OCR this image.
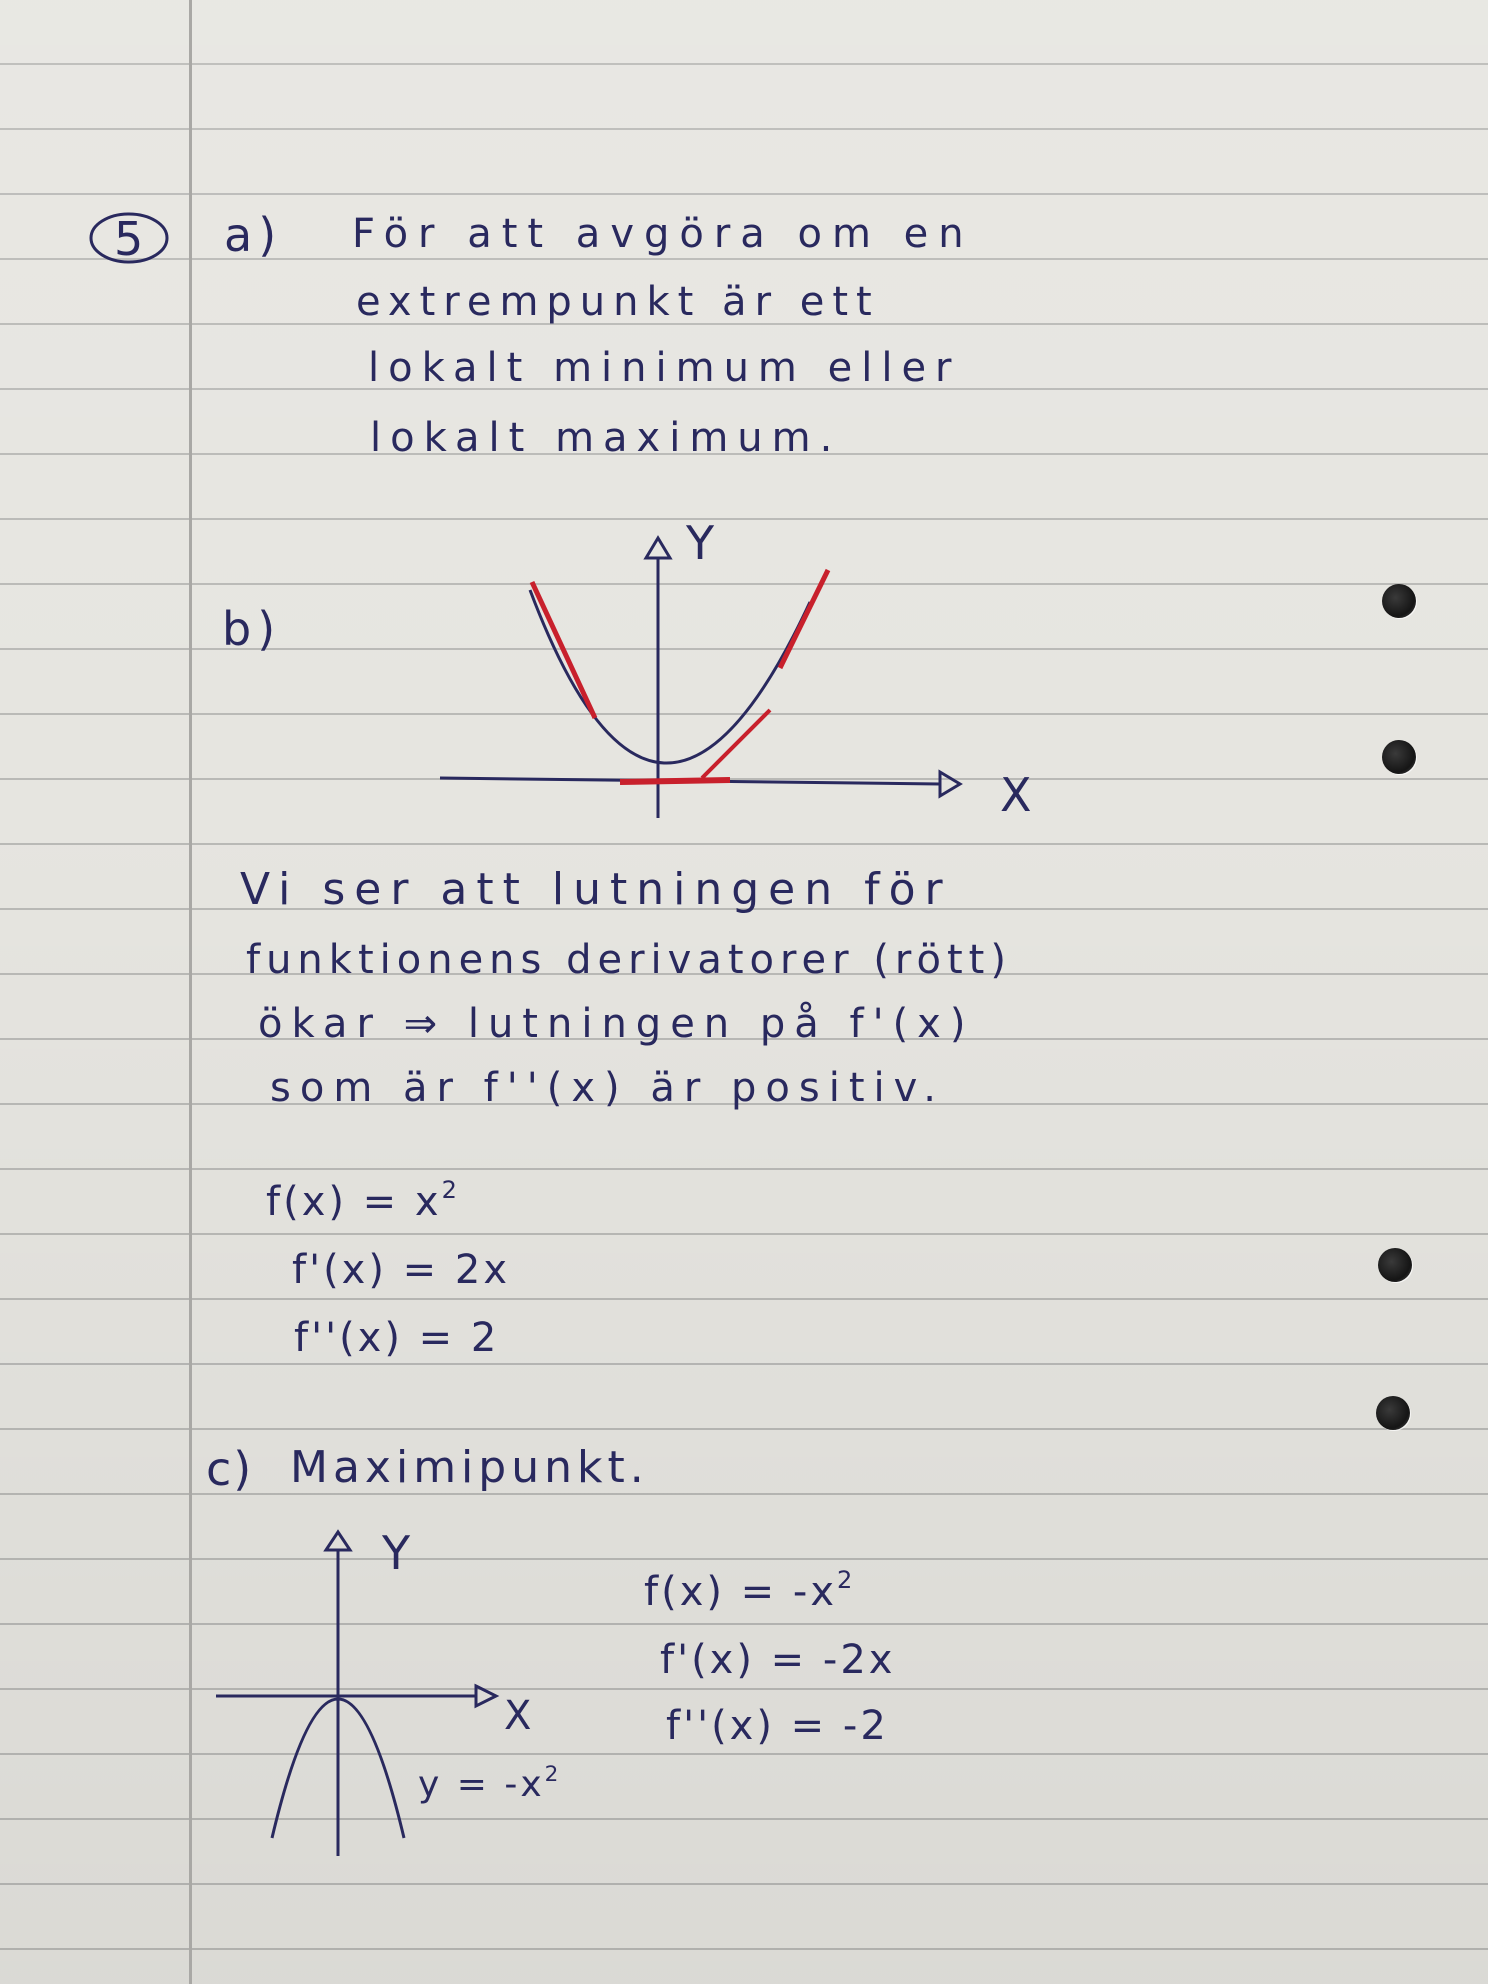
5 a) För att avgöra om en
extrempunkt är ett
lokalt minimum eller
lokalt maximum.
b)
Y
X
Vi ser att lutningen för
funktionens derivatorer (rött)
ökar ⇒ lutningen på f'(x)
som är f''(x) är positiv.
$f(x) = x^2$
f'(x) = 2x
f''(x) = 2
c) Maximipunkt.
Y
X
$y = -x^2$
$f(x) = -x^2$
f'(x) = -2x
f''(x) = -2
